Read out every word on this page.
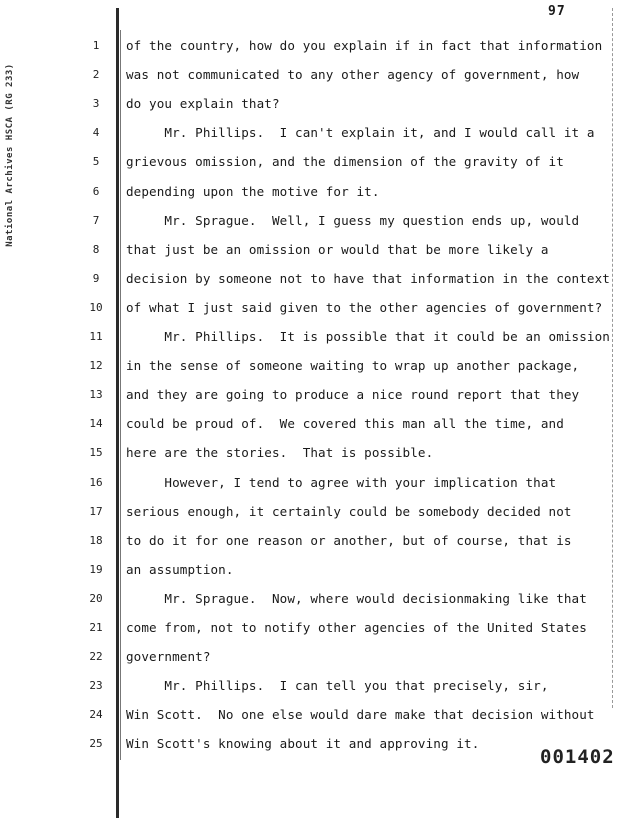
97
National Archives HSCA (RG 233)
1	of the country, how do you explain if in fact that information
2	was not communicated to any other agency of government, how
3	do you explain that?
4	Mr. Phillips.  I can't explain it, and I would call it a
5	grievous omission, and the dimension of the gravity of it
6	depending upon the motive for it.
7	Mr. Sprague.  Well, I guess my question ends up, would
8	that just be an omission or would that be more likely a
9	decision by someone not to have that information in the context
10	of what I just said given to the other agencies of government?
11	Mr. Phillips.  It is possible that it could be an omission
12	in the sense of someone waiting to wrap up another package,
13	and they are going to produce a nice round report that they
14	could be proud of.  We covered this man all the time, and
15	here are the stories.  That is possible.
16	However, I tend to agree with your implication that
17	serious enough, it certainly could be somebody decided not
18	to do it for one reason or another, but of course, that is
19	an assumption.
20	Mr. Sprague.  Now, where would decisionmaking like that
21	come from, not to notify other agencies of the United States
22	government?
23	Mr. Phillips.  I can tell you that precisely, sir,
24	Win Scott.  No one else would dare make that decision without
25	Win Scott's knowing about it and approving it.
001402
